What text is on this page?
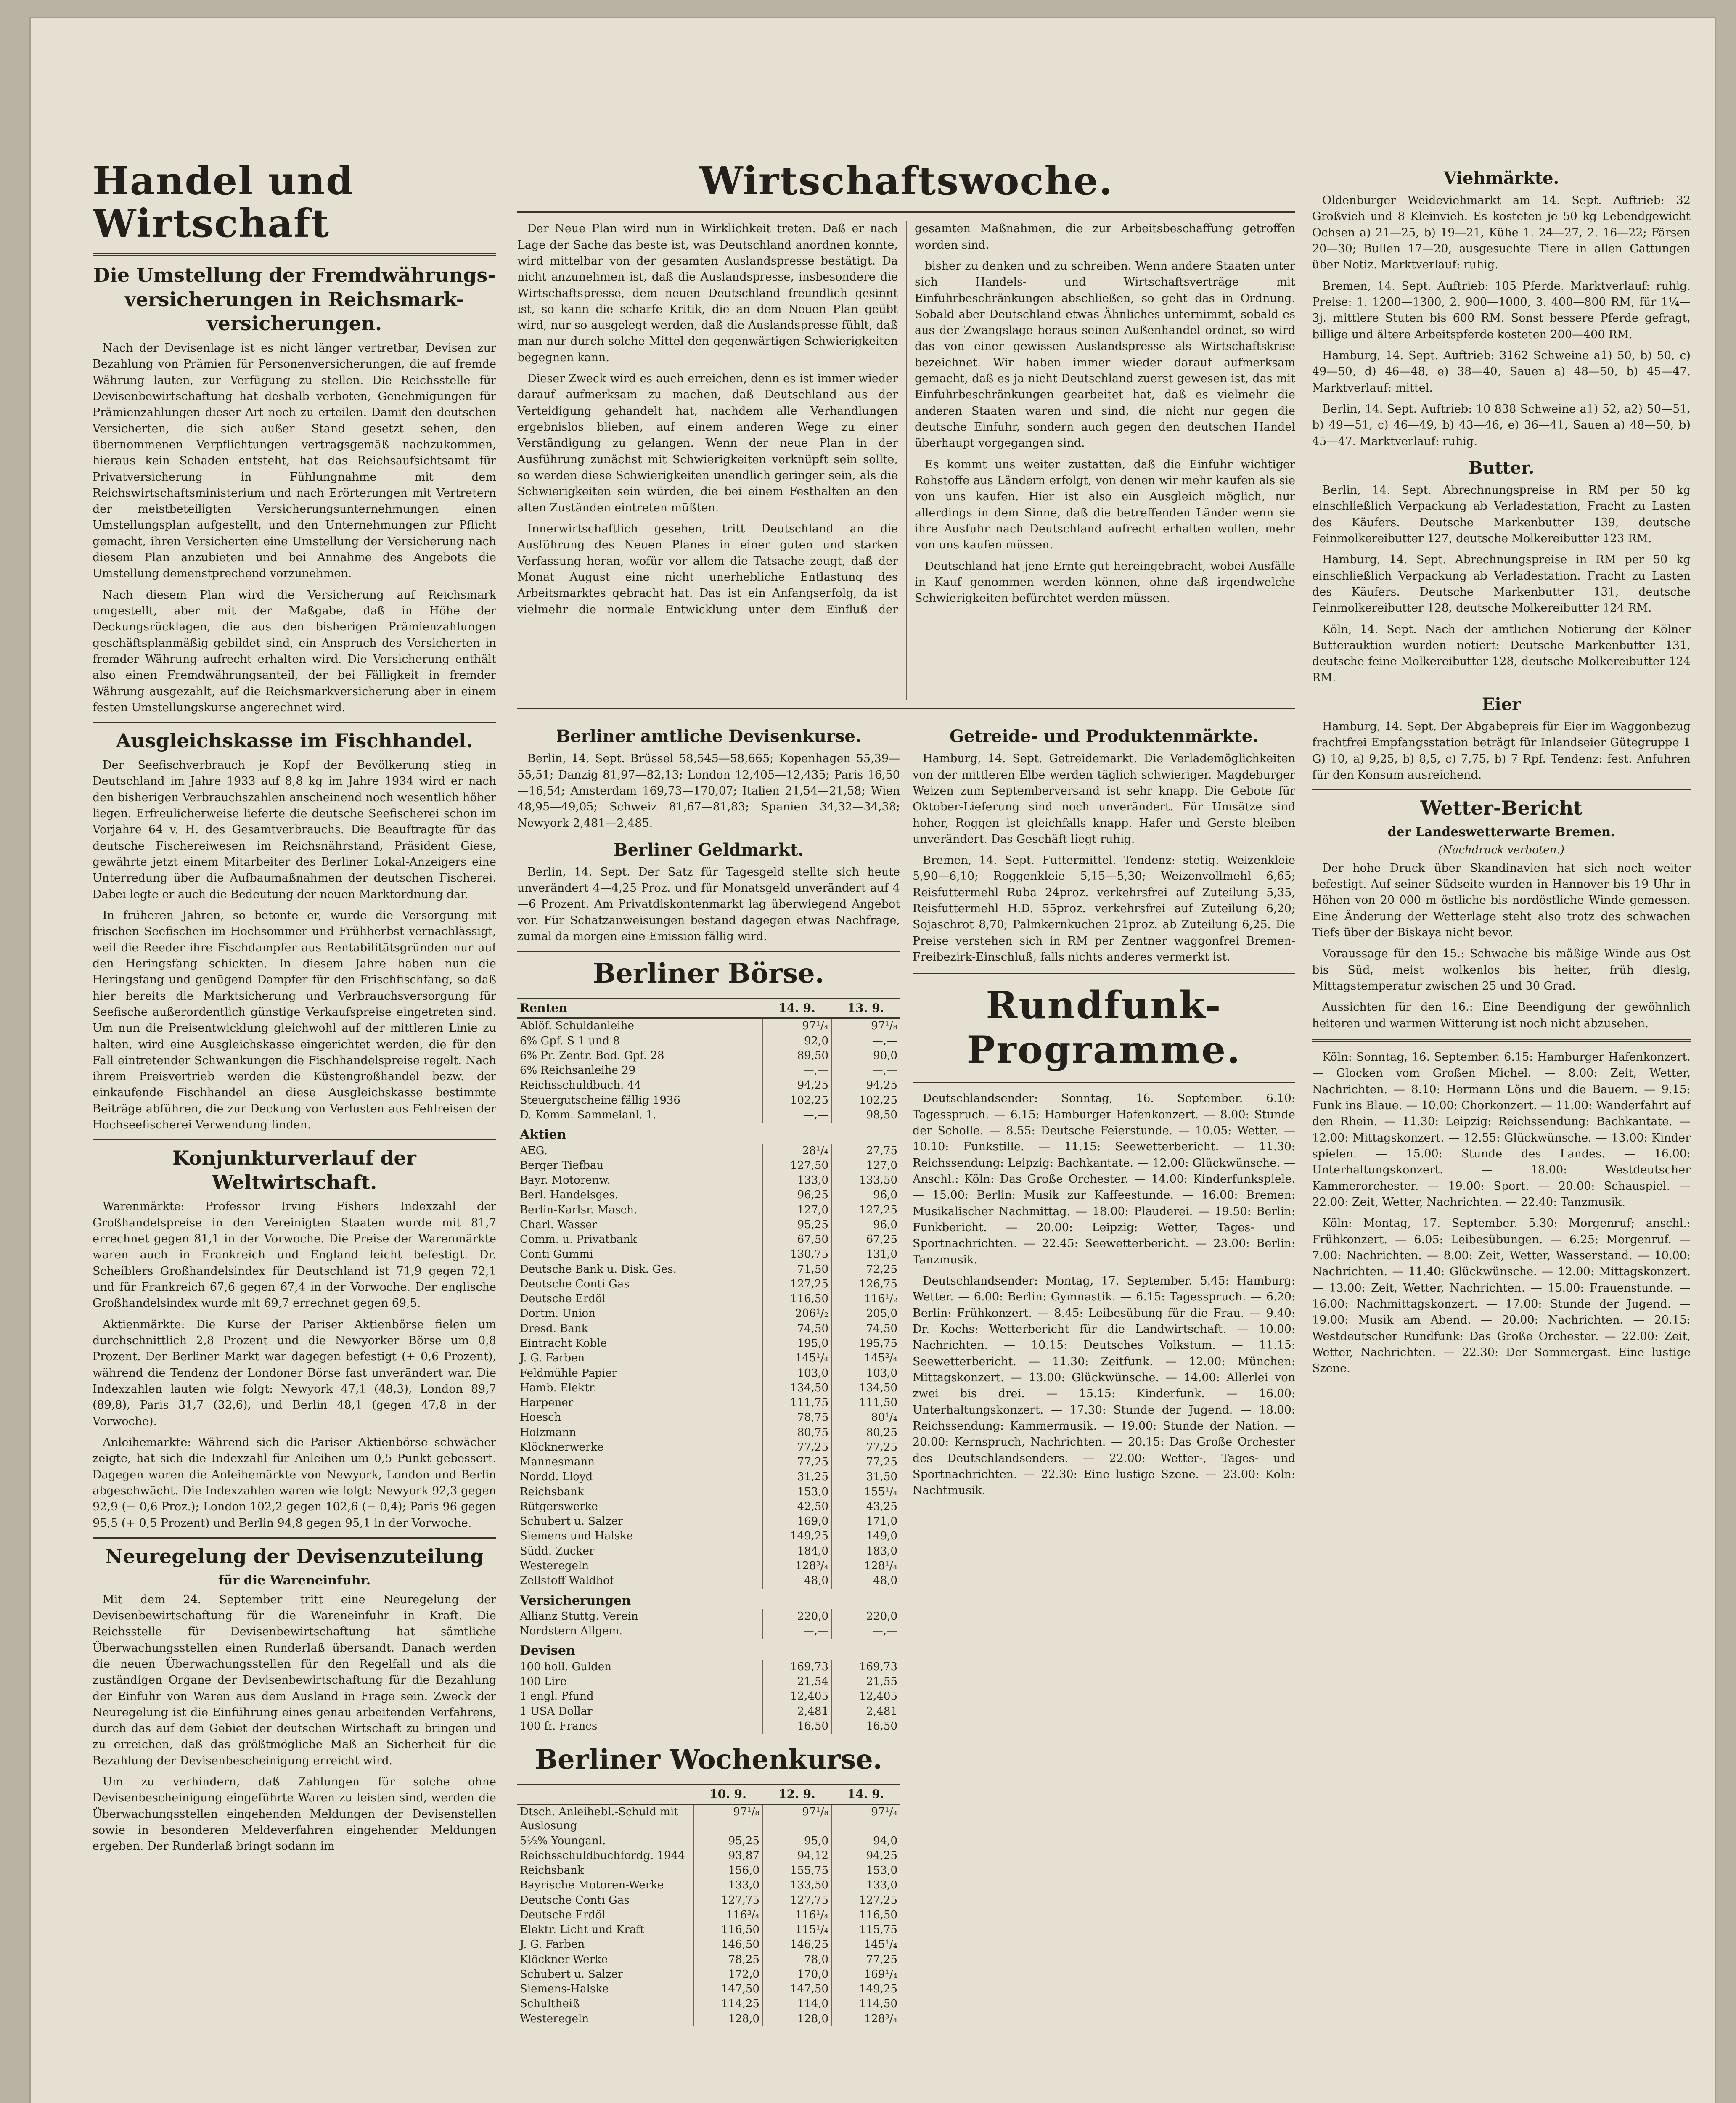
Handel und Wirtschaft
Die Umstellung der Fremdwährungs-versicherungen in Reichsmark-versicherungen.

Nach der Devisenlage ist es nicht länger vertretbar, Devisen zur Bezahlung von Prämien für Personenversicherungen, die auf fremde Währung lauten, zur Verfügung zu stellen. Die Reichsstelle für Devisenbewirtschaftung hat deshalb verboten, Genehmigungen für Prämienzahlungen dieser Art noch zu erteilen. Damit den deutschen Versicherten, die sich außer Stand gesetzt sehen, den übernommenen Verpflichtungen vertragsgemäß nachzukommen, hieraus kein Schaden entsteht, hat das Reichsaufsichtsamt für Privatversicherung in Fühlungnahme mit dem Reichswirtschaftsministerium und nach Erörterungen mit Vertretern der meistbeteiligten Versicherungsunternehmungen einen Umstellungsplan aufgestellt, und den Unternehmungen zur Pflicht gemacht, ihren Versicherten eine Umstellung der Versicherung nach diesem Plan anzubieten und bei Annahme des Angebots die Umstellung demenstprechend vorzunehmen.

Nach diesem Plan wird die Versicherung auf Reichsmark umgestellt, aber mit der Maßgabe, daß in Höhe der Deckungsrücklagen, die aus den bisherigen Prämienzahlungen geschäftsplanmäßig gebildet sind, ein Anspruch des Versicherten in fremder Währung aufrecht erhalten wird. Die Versicherung enthält also einen Fremdwährungsanteil, der bei Fälligkeit in fremder Währung ausgezahlt, auf die Reichsmarkversicherung aber in einem festen Umstellungskurse angerechnet wird.

Ausgleichskasse im Fischhandel.

Der Seefischverbrauch je Kopf der Bevölkerung stieg in Deutschland im Jahre 1933 auf 8,8 kg im Jahre 1934 wird er nach den bisherigen Verbrauchszahlen anscheinend noch wesentlich höher liegen. Erfreulicherweise lieferte die deutsche Seefischerei schon im Vorjahre 64 v. H. des Gesamtverbrauchs. Die Beauftragte für das deutsche Fischereiwesen im Reichsnährstand, Präsident Giese, gewährte jetzt einem Mitarbeiter des Berliner Lokal-Anzeigers eine Unterredung über die Aufbaumaßnahmen der deutschen Fischerei. Dabei legte er auch die Bedeutung der neuen Marktordnung dar.

In früheren Jahren, so betonte er, wurde die Versorgung mit frischen Seefischen im Hochsommer und Frühherbst vernachlässigt, weil die Reeder ihre Fischdampfer aus Rentabilitätsgründen nur auf den Heringsfang schickten. In diesem Jahre haben nun die Heringsfang und genügend Dampfer für den Frischfischfang, so daß hier bereits die Marktsicherung und Verbrauchsversorgung für Seefische außerordentlich günstige Verkaufspreise eingetreten sind. Um nun die Preisentwicklung gleichwohl auf der mittleren Linie zu halten, wird eine Ausgleichskasse eingerichtet werden, die für den Fall eintretender Schwankungen die Fischhandelspreise regelt. Nach ihrem Preisvertrieb werden die Küstengroßhandel bezw. der einkaufende Fischhandel an diese Ausgleichskasse bestimmte Beiträge abführen, die zur Deckung von Verlusten aus Fehlreisen der Hochseefischerei Verwendung finden.

Konjunkturverlauf der Weltwirtschaft.

Warenmärkte: Professor Irving Fishers Indexzahl der Großhandelspreise in den Vereinigten Staaten wurde mit 81,7 errechnet gegen 81,1 in der Vorwoche. Die Preise der Warenmärkte waren auch in Frankreich und England leicht befestigt. Dr. Scheiblers Großhandelsindex für Deutschland ist 71,9 gegen 72,1 und für Frankreich 67,6 gegen 67,4 in der Vorwoche. Der englische Großhandelsindex wurde mit 69,7 errechnet gegen 69,5.

Aktienmärkte: Die Kurse der Pariser Aktienbörse fielen um durchschnittlich 2,8 Prozent und die Newyorker Börse um 0,8 Prozent. Der Berliner Markt war dagegen befestigt (+ 0,6 Prozent), während die Tendenz der Londoner Börse fast unverändert war. Die Indexzahlen lauten wie folgt: Newyork 47,1 (48,3), London 89,7 (89,8), Paris 31,7 (32,6), und Berlin 48,1 (gegen 47,8 in der Vorwoche).

Anleihemärkte: Während sich die Pariser Aktienbörse schwächer zeigte, hat sich die Indexzahl für Anleihen um 0,5 Punkt gebessert. Dagegen waren die Anleihemärkte von Newyork, London und Berlin abgeschwächt. Die Indexzahlen waren wie folgt: Newyork 92,3 gegen 92,9 (− 0,6 Proz.); London 102,2 gegen 102,6 (− 0,4); Paris 96 gegen 95,5 (+ 0,5 Prozent) und Berlin 94,8 gegen 95,1 in der Vorwoche.

Neuregelung der Devisenzuteilung
für die Wareneinfuhr.

Mit dem 24. September tritt eine Neuregelung der Devisenbewirtschaftung für die Wareneinfuhr in Kraft. Die Reichsstelle für Devisenbewirtschaftung hat sämtliche Überwachungsstellen einen Runderlaß übersandt. Danach werden die neuen Überwachungsstellen für den Regelfall und als die zuständigen Organe der Devisenbewirtschaftung für die Bezahlung der Einfuhr von Waren aus dem Ausland in Frage sein. Zweck der Neuregelung ist die Einführung eines genau arbeitenden Verfahrens, durch das auf dem Gebiet der deutschen Wirtschaft zu bringen und zu erreichen, daß das größtmögliche Maß an Sicherheit für die Bezahlung der Devisenbescheinigung erreicht wird.

Um zu verhindern, daß Zahlungen für solche ohne Devisenbescheinigung eingeführte Waren zu leisten sind, werden die Überwachungsstellen eingehenden Meldungen der Devisenstellen sowie in besonderen Meldeverfahren eingehender Meldungen ergeben. Der Runderlaß bringt sodann im

Wirtschaftswoche.

Der Neue Plan wird nun in Wirklichkeit treten. Daß er nach Lage der Sache das beste ist, was Deutschland anordnen konnte, wird mittelbar von der gesamten Auslandspresse bestätigt. Da nicht anzunehmen ist, daß die Auslandspresse, insbesondere die Wirtschaftspresse, dem neuen Deutschland freundlich gesinnt ist, so kann die scharfe Kritik, die an dem Neuen Plan geübt wird, nur so ausgelegt werden, daß die Auslandspresse fühlt, daß man nur durch solche Mittel den gegenwärtigen Schwierigkeiten begegnen kann.

Dieser Zweck wird es auch erreichen, denn es ist immer wieder darauf aufmerksam zu machen, daß Deutschland aus der Verteidigung gehandelt hat, nachdem alle Verhandlungen ergebnislos blieben, auf einem anderen Wege zu einer Verständigung zu gelangen. Wenn der neue Plan in der Ausführung zunächst mit Schwierigkeiten verknüpft sein sollte, so werden diese Schwierigkeiten unendlich geringer sein, als die Schwierigkeiten sein würden, die bei einem Festhalten an den alten Zuständen eintreten müßten.

Innerwirtschaftlich gesehen, tritt Deutschland an die Ausführung des Neuen Planes in einer guten und starken Verfassung heran, wofür vor allem die Tatsache zeugt, daß der Monat August eine nicht unerhebliche Entlastung des Arbeitsmarktes gebracht hat. Das ist ein Anfangserfolg, da ist vielmehr die normale Entwicklung unter dem Einfluß der gesamten Maßnahmen, die zur Arbeitsbeschaffung getroffen worden sind.

bisher zu denken und zu schreiben. Wenn andere Staaten unter sich Handels- und Wirtschaftsverträge mit Einfuhrbeschränkungen abschließen, so geht das in Ordnung. Sobald aber Deutschland etwas Ähnliches unternimmt, sobald es aus der Zwangslage heraus seinen Außenhandel ordnet, so wird das von einer gewissen Auslandspresse als Wirtschaftskrise bezeichnet. Wir haben immer wieder darauf aufmerksam gemacht, daß es ja nicht Deutschland zuerst gewesen ist, das mit Einfuhrbeschränkungen gearbeitet hat, daß es vielmehr die anderen Staaten waren und sind, die nicht nur gegen die deutsche Einfuhr, sondern auch gegen den deutschen Handel überhaupt vorgegangen sind.

Es kommt uns weiter zustatten, daß die Einfuhr wichtiger Rohstoffe aus Ländern erfolgt, von denen wir mehr kaufen als sie von uns kaufen. Hier ist also ein Ausgleich möglich, nur allerdings in dem Sinne, daß die betreffenden Länder wenn sie ihre Ausfuhr nach Deutschland aufrecht erhalten wollen, mehr von uns kaufen müssen.

Deutschland hat jene Ernte gut hereingebracht, wobei Ausfälle in Kauf genommen werden können, ohne daß irgendwelche Schwierigkeiten befürchtet werden müssen.

Berliner amtliche Devisenkurse.

Berlin, 14. Sept. Brüssel 58,545—58,665; Kopenhagen 55,39—55,51; Danzig 81,97—82,13; London 12,405—12,435; Paris 16,50—16,54; Amsterdam 169,73—170,07; Italien 21,54—21,58; Wien 48,95—49,05; Schweiz 81,67—81,83; Spanien 34,32—34,38; Newyork 2,481—2,485.

Berliner Geldmarkt.

Berlin, 14. Sept. Der Satz für Tagesgeld stellte sich heute unverändert 4—4,25 Proz. und für Monatsgeld unverändert auf 4—6 Prozent. Am Privatdiskontenmarkt lag überwiegend Angebot vor. Für Schatzanweisungen bestand dagegen etwas Nachfrage, zumal da morgen eine Emission fällig wird.

Berliner Börse.
Renten	14. 9.	13. 9.
Ablöf. Schuldanleihe	97¹/₄	97¹/₈
6% Gpf. S 1 und 8	92,0	—,—
6% Pr. Zentr. Bod. Gpf. 28	89,50	90,0
6% Reichsanleihe 29	—,—	—,—
Reichsschuldbuch. 44	94,25	94,25
Steuergutscheine fällig 1936	102,25	102,25
D. Komm. Sammelanl. 1.	—,—	98,50
Aktien		
AEG.	28¹/₄	27,75
Berger Tiefbau	127,50	127,0
Bayr. Motorenw.	133,0	133,50
Berl. Handelsges.	96,25	96,0
Berlin-Karlsr. Masch.	127,0	127,25
Charl. Wasser	95,25	96,0
Comm. u. Privatbank	67,50	67,25
Conti Gummi	130,75	131,0
Deutsche Bank u. Disk. Ges.	71,50	72,25
Deutsche Conti Gas	127,25	126,75
Deutsche Erdöl	116,50	116¹/₂
Dortm. Union	206¹/₂	205,0
Dresd. Bank	74,50	74,50
Eintracht Koble	195,0	195,75
J. G. Farben	145¹/₄	145³/₄
Feldmühle Papier	103,0	103,0
Hamb. Elektr.	134,50	134,50
Harpener	111,75	111,50
Hoesch	78,75	80¹/₄
Holzmann	80,75	80,25
Klöcknerwerke	77,25	77,25
Mannesmann	77,25	77,25
Nordd. Lloyd	31,25	31,50
Reichsbank	153,0	155¹/₄
Rütgerswerke	42,50	43,25
Schubert u. Salzer	169,0	171,0
Siemens und Halske	149,25	149,0
Südd. Zucker	184,0	183,0
Westeregeln	128³/₄	128¹/₄
Zellstoff Waldhof	48,0	48,0
Versicherungen		
Allianz Stuttg. Verein	220,0	220,0
Nordstern Allgem.	—,—	—,—
Devisen		
100 holl. Gulden	169,73	169,73
100 Lire	21,54	21,55
1 engl. Pfund	12,405	12,405
1 USA Dollar	2,481	2,481
100 fr. Francs	16,50	16,50
Berliner Wochenkurse.
	10. 9.	12. 9.	14. 9.
Dtsch. Anleihebl.-Schuld mit Auslosung	97¹/₈	97¹/₈	97¹/₄
5½% Younganl.	95,25	95,0	94,0
Reichsschuldbuchfordg. 1944	93,87	94,12	94,25
Reichsbank	156,0	155,75	153,0
Bayrische Motoren-Werke	133,0	133,50	133,0
Deutsche Conti Gas	127,75	127,75	127,25
Deutsche Erdöl	116³/₄	116¹/₄	116,50
Elektr. Licht und Kraft	116,50	115¹/₄	115,75
J. G. Farben	146,50	146,25	145¹/₄
Klöckner-Werke	78,25	78,0	77,25
Schubert u. Salzer	172,0	170,0	169¹/₄
Siemens-Halske	147,50	147,50	149,25
Schultheiß	114,25	114,0	114,50
Westeregeln	128,0	128,0	128³/₄
Getreide- und Produktenmärkte.

Hamburg, 14. Sept. Getreidemarkt. Die Verlademöglichkeiten von der mittleren Elbe werden täglich schwieriger. Magdeburger Weizen zum Septemberversand ist sehr knapp. Die Gebote für Oktober-Lieferung sind noch unverändert. Für Umsätze sind hoher, Roggen ist gleichfalls knapp. Hafer und Gerste bleiben unverändert. Das Geschäft liegt ruhig.

Bremen, 14. Sept. Futtermittel. Tendenz: stetig. Weizenkleie 5,90—6,10; Roggenkleie 5,15—5,30; Weizenvollmehl 6,65; Reisfuttermehl Ruba 24proz. verkehrsfrei auf Zuteilung 5,35, Reisfuttermehl H.D. 55proz. verkehrsfrei auf Zuteilung 6,20; Sojaschrot 8,70; Palmkernkuchen 21proz. ab Zuteilung 6,25. Die Preise verstehen sich in RM per Zentner waggonfrei Bremen-Freibezirk-Einschluß, falls nichts anderes vermerkt ist.

Rundfunk-Programme.

Deutschlandsender: Sonntag, 16. September. 6.10: Tagesspruch. — 6.15: Hamburger Hafenkonzert. — 8.00: Stunde der Scholle. — 8.55: Deutsche Feierstunde. — 10.05: Wetter. — 10.10: Funkstille. — 11.15: Seewetterbericht. — 11.30: Reichssendung: Leipzig: Bachkantate. — 12.00: Glückwünsche. — Anschl.: Köln: Das Große Orchester. — 14.00: Kinderfunkspiele. — 15.00: Berlin: Musik zur Kaffeestunde. — 16.00: Bremen: Musikalischer Nachmittag. — 18.00: Plauderei. — 19.50: Berlin: Funkbericht. — 20.00: Leipzig: Wetter, Tages- und Sportnachrichten. — 22.45: Seewetterbericht. — 23.00: Berlin: Tanzmusik.

Deutschlandsender: Montag, 17. September. 5.45: Hamburg: Wetter. — 6.00: Berlin: Gymnastik. — 6.15: Tagesspruch. — 6.20: Berlin: Frühkonzert. — 8.45: Leibesübung für die Frau. — 9.40: Dr. Kochs: Wetterbericht für die Landwirtschaft. — 10.00: Nachrichten. — 10.15: Deutsches Volkstum. — 11.15: Seewetterbericht. — 11.30: Zeitfunk. — 12.00: München: Mittagskonzert. — 13.00: Glückwünsche. — 14.00: Allerlei von zwei bis drei. — 15.15: Kinderfunk. — 16.00: Unterhaltungskonzert. — 17.30: Stunde der Jugend. — 18.00: Reichssendung: Kammermusik. — 19.00: Stunde der Nation. — 20.00: Kernspruch, Nachrichten. — 20.15: Das Große Orchester des Deutschlandsenders. — 22.00: Wetter-, Tages- und Sportnachrichten. — 22.30: Eine lustige Szene. — 23.00: Köln: Nachtmusik.

Viehmärkte.

Oldenburger Weideviehmarkt am 14. Sept. Auftrieb: 32 Großvieh und 8 Kleinvieh. Es kosteten je 50 kg Lebendgewicht Ochsen a) 21—25, b) 19—21, Kühe 1. 24—27, 2. 16—22; Färsen 20—30; Bullen 17—20, ausgesuchte Tiere in allen Gattungen über Notiz. Marktverlauf: ruhig.

Bremen, 14. Sept. Auftrieb: 105 Pferde. Marktverlauf: ruhig. Preise: 1. 1200—1300, 2. 900—1000, 3. 400—800 RM, für 1¼—3j. mittlere Stuten bis 600 RM. Sonst bessere Pferde gefragt, billige und ältere Arbeitspferde kosteten 200—400 RM.

Hamburg, 14. Sept. Auftrieb: 3162 Schweine a1) 50, b) 50, c) 49—50, d) 46—48, e) 38—40, Sauen a) 48—50, b) 45—47. Marktverlauf: mittel.

Berlin, 14. Sept. Auftrieb: 10 838 Schweine a1) 52, a2) 50—51, b) 49—51, c) 46—49, b) 43—46, e) 36—41, Sauen a) 48—50, b) 45—47. Marktverlauf: ruhig.

Butter.

Berlin, 14. Sept. Abrechnungspreise in RM per 50 kg einschließlich Verpackung ab Verladestation, Fracht zu Lasten des Käufers. Deutsche Markenbutter 139, deutsche Feinmolkereibutter 127, deutsche Molkereibutter 123 RM.

Hamburg, 14. Sept. Abrechnungspreise in RM per 50 kg einschließlich Verpackung ab Verladestation. Fracht zu Lasten des Käufers. Deutsche Markenbutter 131, deutsche Feinmolkereibutter 128, deutsche Molkereibutter 124 RM.

Köln, 14. Sept. Nach der amtlichen Notierung der Kölner Butterauktion wurden notiert: Deutsche Markenbutter 131, deutsche feine Molkereibutter 128, deutsche Molkereibutter 124 RM.

Eier

Hamburg, 14. Sept. Der Abgabepreis für Eier im Waggonbezug frachtfrei Empfangsstation beträgt für Inlandseier Gütegruppe 1 G) 10, a) 9,25, b) 8,5, c) 7,75, b) 7 Rpf. Tendenz: fest. Anfuhren für den Konsum ausreichend.

Wetter-Bericht
der Landeswetterwarte Bremen.
(Nachdruck verboten.)

Der hohe Druck über Skandinavien hat sich noch weiter befestigt. Auf seiner Südseite wurden in Hannover bis 19 Uhr in Höhen von 20 000 m östliche bis nordöstliche Winde gemessen. Eine Änderung der Wetterlage steht also trotz des schwachen Tiefs über der Biskaya nicht bevor.

Voraussage für den 15.: Schwache bis mäßige Winde aus Ost bis Süd, meist wolkenlos bis heiter, früh diesig, Mittagstemperatur zwischen 25 und 30 Grad.

Aussichten für den 16.: Eine Beendigung der gewöhnlich heiteren und warmen Witterung ist noch nicht abzusehen.

Köln: Sonntag, 16. September. 6.15: Hamburger Hafenkonzert. — Glocken vom Großen Michel. — 8.00: Zeit, Wetter, Nachrichten. — 8.10: Hermann Löns und die Bauern. — 9.15: Funk ins Blaue. — 10.00: Chorkonzert. — 11.00: Wanderfahrt auf den Rhein. — 11.30: Leipzig: Reichssendung: Bachkantate. — 12.00: Mittagskonzert. — 12.55: Glückwünsche. — 13.00: Kinder spielen. — 15.00: Stunde des Landes. — 16.00: Unterhaltungskonzert. — 18.00: Westdeutscher Kammerorchester. — 19.00: Sport. — 20.00: Schauspiel. — 22.00: Zeit, Wetter, Nachrichten. — 22.40: Tanzmusik.

Köln: Montag, 17. September. 5.30: Morgenruf; anschl.: Frühkonzert. — 6.05: Leibesübungen. — 6.25: Morgenruf. — 7.00: Nachrichten. — 8.00: Zeit, Wetter, Wasserstand. — 10.00: Nachrichten. — 11.40: Glückwünsche. — 12.00: Mittagskonzert. — 13.00: Zeit, Wetter, Nachrichten. — 15.00: Frauenstunde. — 16.00: Nachmittagskonzert. — 17.00: Stunde der Jugend. — 19.00: Musik am Abend. — 20.00: Nachrichten. — 20.15: Westdeutscher Rundfunk: Das Große Orchester. — 22.00: Zeit, Wetter, Nachrichten. — 22.30: Der Sommergast. Eine lustige Szene.
